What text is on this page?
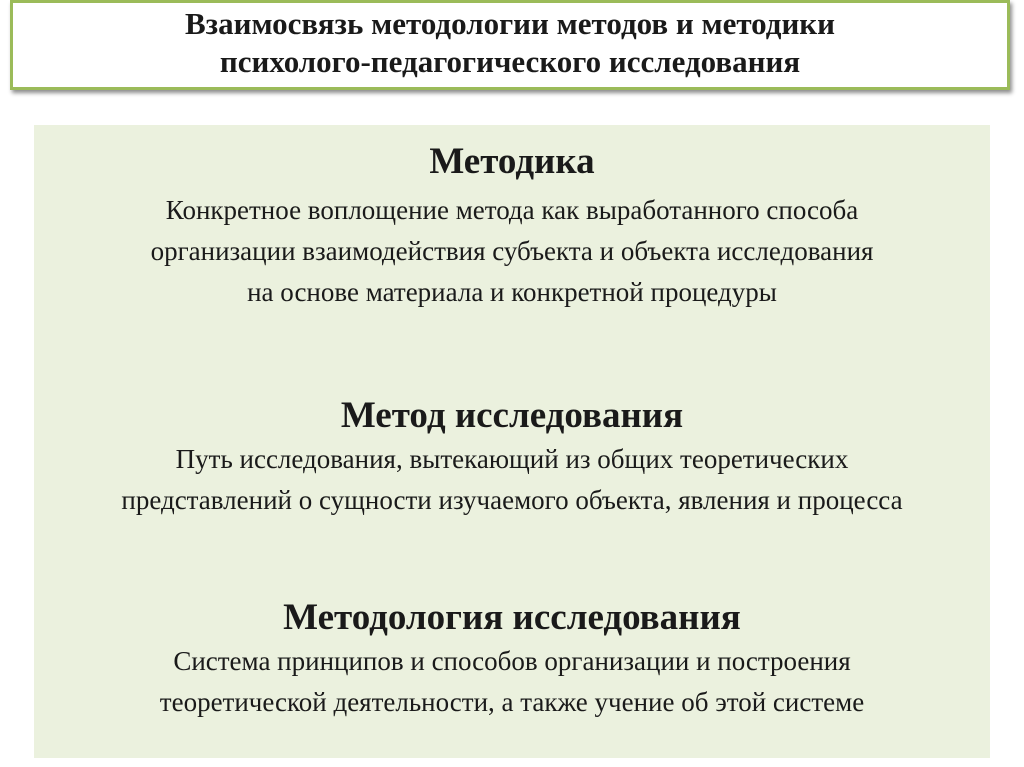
Взаимосвязь методологии методов и методики
психолого-педагогического исследования
Методика
Конкретное воплощение метода как выработанного способа
организации взаимодействия субъекта и объекта исследования
на основе материала и конкретной процедуры
Метод исследования
Путь исследования, вытекающий из общих теоретических
представлений о сущности изучаемого объекта, явления и процесса
Методология исследования
Система принципов и способов организации и построения
теоретической деятельности, а также учение об этой системе
